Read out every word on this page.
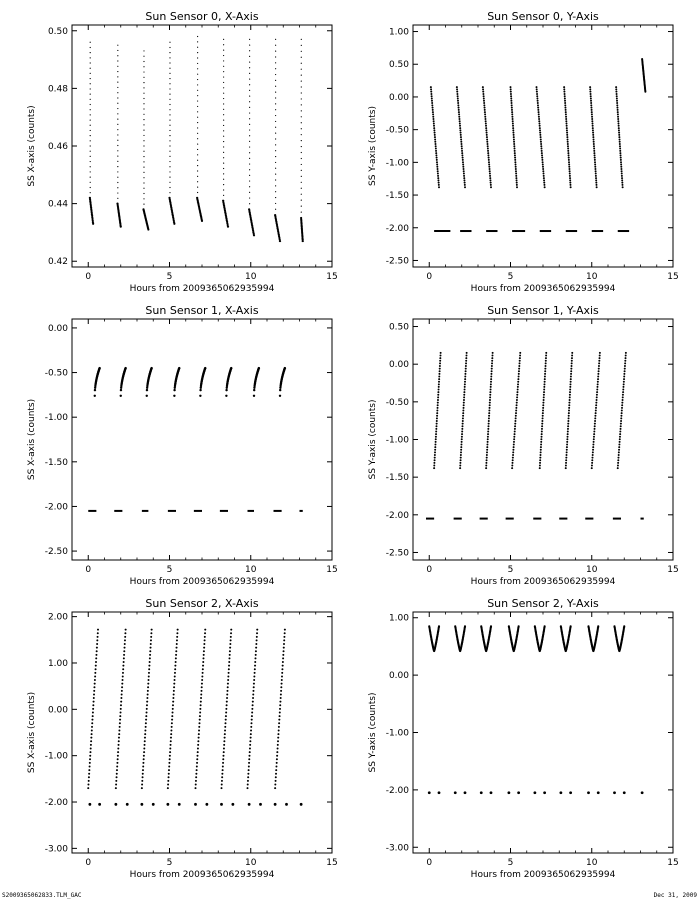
Sun Sensor 0, X-Axis
0	5	10	15
0.42
0.44
0.46
0.48
0.50
Hours from 2009365062935994
SS X-axis (counts)
Sun Sensor 0, Y-Axis
0	5	10	15
-2.50
-2.00
-1.50
-1.00
-0.50
0.00
0.50
1.00
Hours from 2009365062935994
SS Y-axis (counts)
Sun Sensor 1, X-Axis
0	5	10	15
-2.50
-2.00
-1.50
-1.00
-0.50
0.00
Hours from 2009365062935994
SS X-axis (counts)
Sun Sensor 1, Y-Axis
0	5	10	15
-2.50
-2.00
-1.50
-1.00
-0.50
0.00
0.50
Hours from 2009365062935994
SS Y-axis (counts)
Sun Sensor 2, X-Axis
0	5	10	15
-3.00
-2.00
-1.00
0.00
1.00
2.00
Hours from 2009365062935994
SS X-axis (counts)
Sun Sensor 2, Y-Axis
0	5	10	15
-3.00
-2.00
-1.00
0.00
1.00
Hours from 2009365062935994
SS Y-axis (counts)
S2009365062833.TLM_GAC	Dec 31, 2009
